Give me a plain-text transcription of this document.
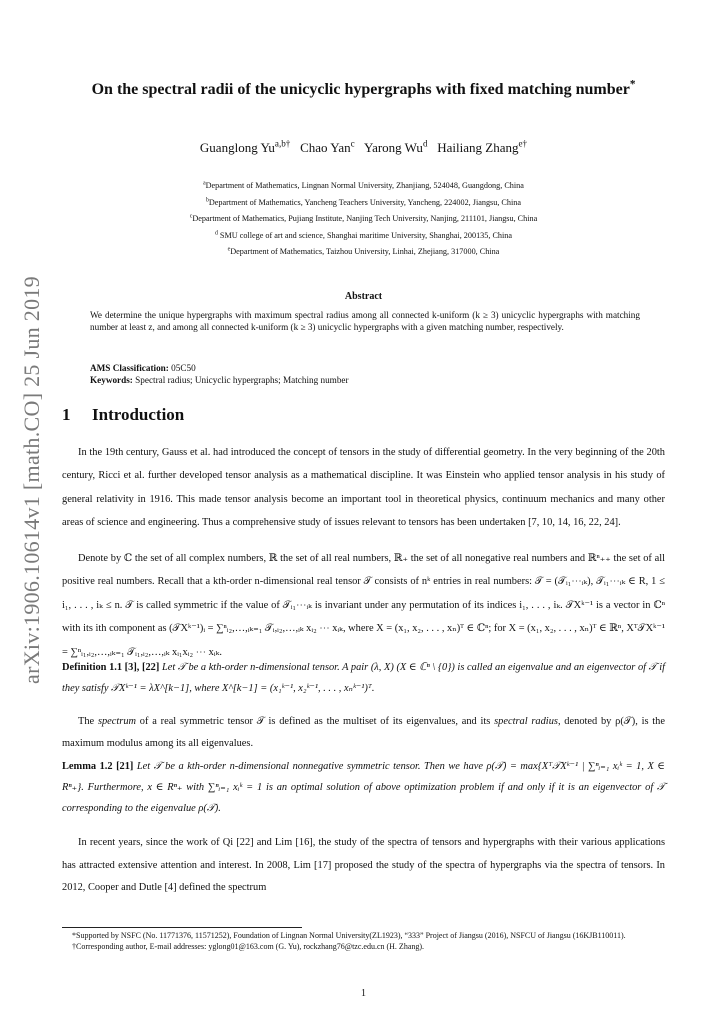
arXiv:1906.10614v1 [math.CO] 25 Jun 2019
On the spectral radii of the unicyclic hypergraphs with fixed matching number*
Guanglong $Yu^{a,b\dagger}$ Chao Yan$^c$ Yarong Wu$^d$ Hailiang Zhang$^{e\dagger}$
$^a$Department of Mathematics, Lingnan Normal University, Zhanjiang, 524048, Guangdong, China
$^b$Department of Mathematics, Yancheng Teachers University, Yancheng, 224002, Jiangsu, China
$^c$Department of Mathematics, Pujiang Institute, Nanjing Tech University, Nanjing, 211101, Jiangsu, China
$^d$ SMU college of art and science, Shanghai maritime University, Shanghai, 200135, China
$^e$Department of Mathematics, Taizhou University, Linhai, Zhejiang, 317000, China
Abstract
We determine the unique hypergraphs with maximum spectral radius among all connected k-uniform (k ≥ 3) unicyclic hypergraphs with matching number at least z, and among all connected k-uniform (k ≥ 3) unicyclic hypergraphs with a given matching number, respectively.
AMS Classification: 05C50
Keywords: Spectral radius; Unicyclic hypergraphs; Matching number
1 Introduction

In the 19th century, Gauss et al. had introduced the concept of tensors in the study of differential geometry. In the very beginning of the 20th century, Ricci et al. further developed tensor analysis as a mathematical discipline. It was Einstein who applied tensor analysis in his study of general relativity in 1916. This made tensor analysis become an important tool in theoretical physics, continuum mechanics and many other areas of science and engineering. Thus a comprehensive study of issues relevant to tensors has been undertaken [7, 10, 14, 16, 22, 24].

Denote by ℂ the set of all complex numbers, ℝ the set of all real numbers, ℝ₊ the set of all nonegative real numbers and ℝⁿ₊₊ the set of all positive real numbers. Recall that a kth-order n-dimensional real tensor 𝒯 consists of nᵏ entries in real numbers: 𝒯 = (𝒯ᵢ₁⋯ᵢₖ), 𝒯ᵢ₁⋯ᵢₖ ∈ R, 1 ≤ i₁, . . . , iₖ ≤ n. 𝒯 is called symmetric if the value of 𝒯ᵢ₁⋯ᵢₖ is invariant under any permutation of its indices i₁, . . . , iₖ. 𝒯Xᵏ⁻¹ is a vector in ℂⁿ with its ith component as (𝒯Xᵏ⁻¹)ᵢ = ∑ⁿᵢ₂,…,ᵢₖ₌₁ 𝒯ᵢ,ᵢ₂,…,ᵢₖ xᵢ₂ ⋯ xᵢₖ, where X = (x₁, x₂, . . . , xₙ)ᵀ ∈ ℂⁿ; for X = (x₁, x₂, . . . , xₙ)ᵀ ∈ ℝⁿ, Xᵀ𝒯Xᵏ⁻¹ = ∑ⁿᵢ₁,ᵢ₂,…,ᵢₖ₌₁ 𝒯ᵢ₁,ᵢ₂,…,ᵢₖ xᵢ₁xᵢ₂ ⋯ xᵢₖ.

Definition 1.1 [3], [22] Let 𝒯 be a kth-order n-dimensional tensor. A pair (λ, X) (X ∈ ℂⁿ \ {0}) is called an eigenvalue and an eigenvector of 𝒯 if they satisfy 𝒯Xᵏ⁻¹ = λX^[k−1], where X^[k−1] = (x₁ᵏ⁻¹, x₂ᵏ⁻¹, . . . , xₙᵏ⁻¹)ᵀ.

The spectrum of a real symmetric tensor 𝒯 is defined as the multiset of its eigenvalues, and its spectral radius, denoted by ρ(𝒯), is the maximum modulus among its all eigenvalues.

Lemma 1.2 [21] Let 𝒯 be a kth-order n-dimensional nonnegative symmetric tensor. Then we have ρ(𝒯) = max{Xᵀ𝒯Xᵏ⁻¹ | ∑ⁿᵢ₌₁ xᵢᵏ = 1, X ∈ Rⁿ₊}. Furthermore, x ∈ Rⁿ₊ with ∑ⁿᵢ₌₁ xᵢᵏ = 1 is an optimal solution of above optimization problem if and only if it is an eigenvector of 𝒯 corresponding to the eigenvalue ρ(𝒯).

In recent years, since the work of Qi [22] and Lim [16], the study of the spectra of tensors and hypergraphs with their various applications has attracted extensive attention and interest. In 2008, Lim [17] proposed the study of the spectra of hypergraphs via the spectra of tensors. In 2012, Cooper and Dutle [4] defined the spectrum

*Supported by NSFC (No. 11771376, 11571252), Foundation of Lingnan Normal University(ZL1923), “333” Project of Jiangsu (2016), NSFCU of Jiangsu (16KJB110011).

†Corresponding author, E-mail addresses: yglong01@163.com (G. Yu), rockzhang76@tzc.edu.cn (H. Zhang).

1
